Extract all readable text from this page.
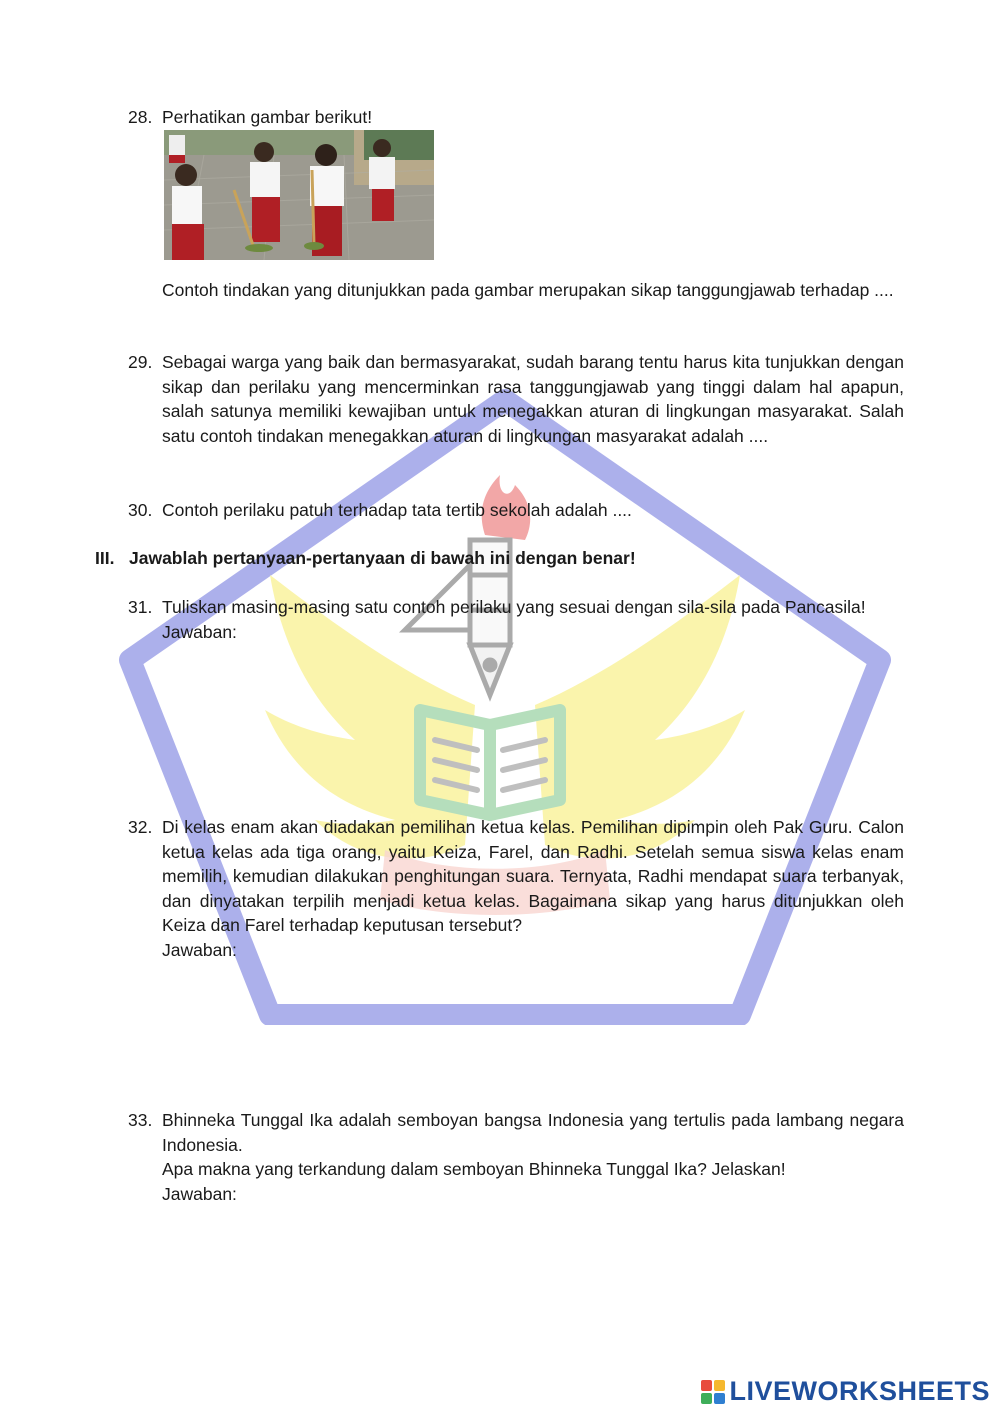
28. Perhatikan gambar berikut!

Contoh tindakan yang ditunjukkan pada gambar merupakan sikap tanggungjawab terhadap ....

29. Sebagai warga yang baik dan bermasyarakat, sudah barang tentu harus kita tunjukkan dengan sikap dan perilaku yang mencerminkan rasa tanggungjawab yang tinggi dalam hal apapun, salah satunya memiliki kewajiban untuk menegakkan aturan di lingkungan masyarakat. Salah satu contoh tindakan menegakkan aturan di lingkungan masyarakat adalah ....

30. Contoh perilaku patuh terhadap tata tertib sekolah adalah ....

III. Jawablah pertanyaan-pertanyaan di bawah ini dengan benar!
31. Tuliskan masing-masing satu contoh perilaku yang sesuai dengan sila-sila pada Pancasila!

Jawaban:

32. Di kelas enam akan diadakan pemilihan ketua kelas. Pemilihan dipimpin oleh Pak Guru. Calon ketua kelas ada tiga orang, yaitu Keiza, Farel, dan Radhi. Setelah semua siswa kelas enam memilih, kemudian dilakukan penghitungan suara. Ternyata, Radhi mendapat suara terbanyak, dan dinyatakan terpilih menjadi ketua kelas. Bagaimana sikap yang harus ditunjukkan oleh Keiza dan Farel terhadap keputusan tersebut?

Jawaban:

33. Bhinneka Tunggal Ika adalah semboyan bangsa Indonesia yang tertulis pada lambang negara Indonesia.

Apa makna yang terkandung dalam semboyan Bhinneka Tunggal Ika? Jelaskan!

Jawaban:

LIVEWORKSHEETS
